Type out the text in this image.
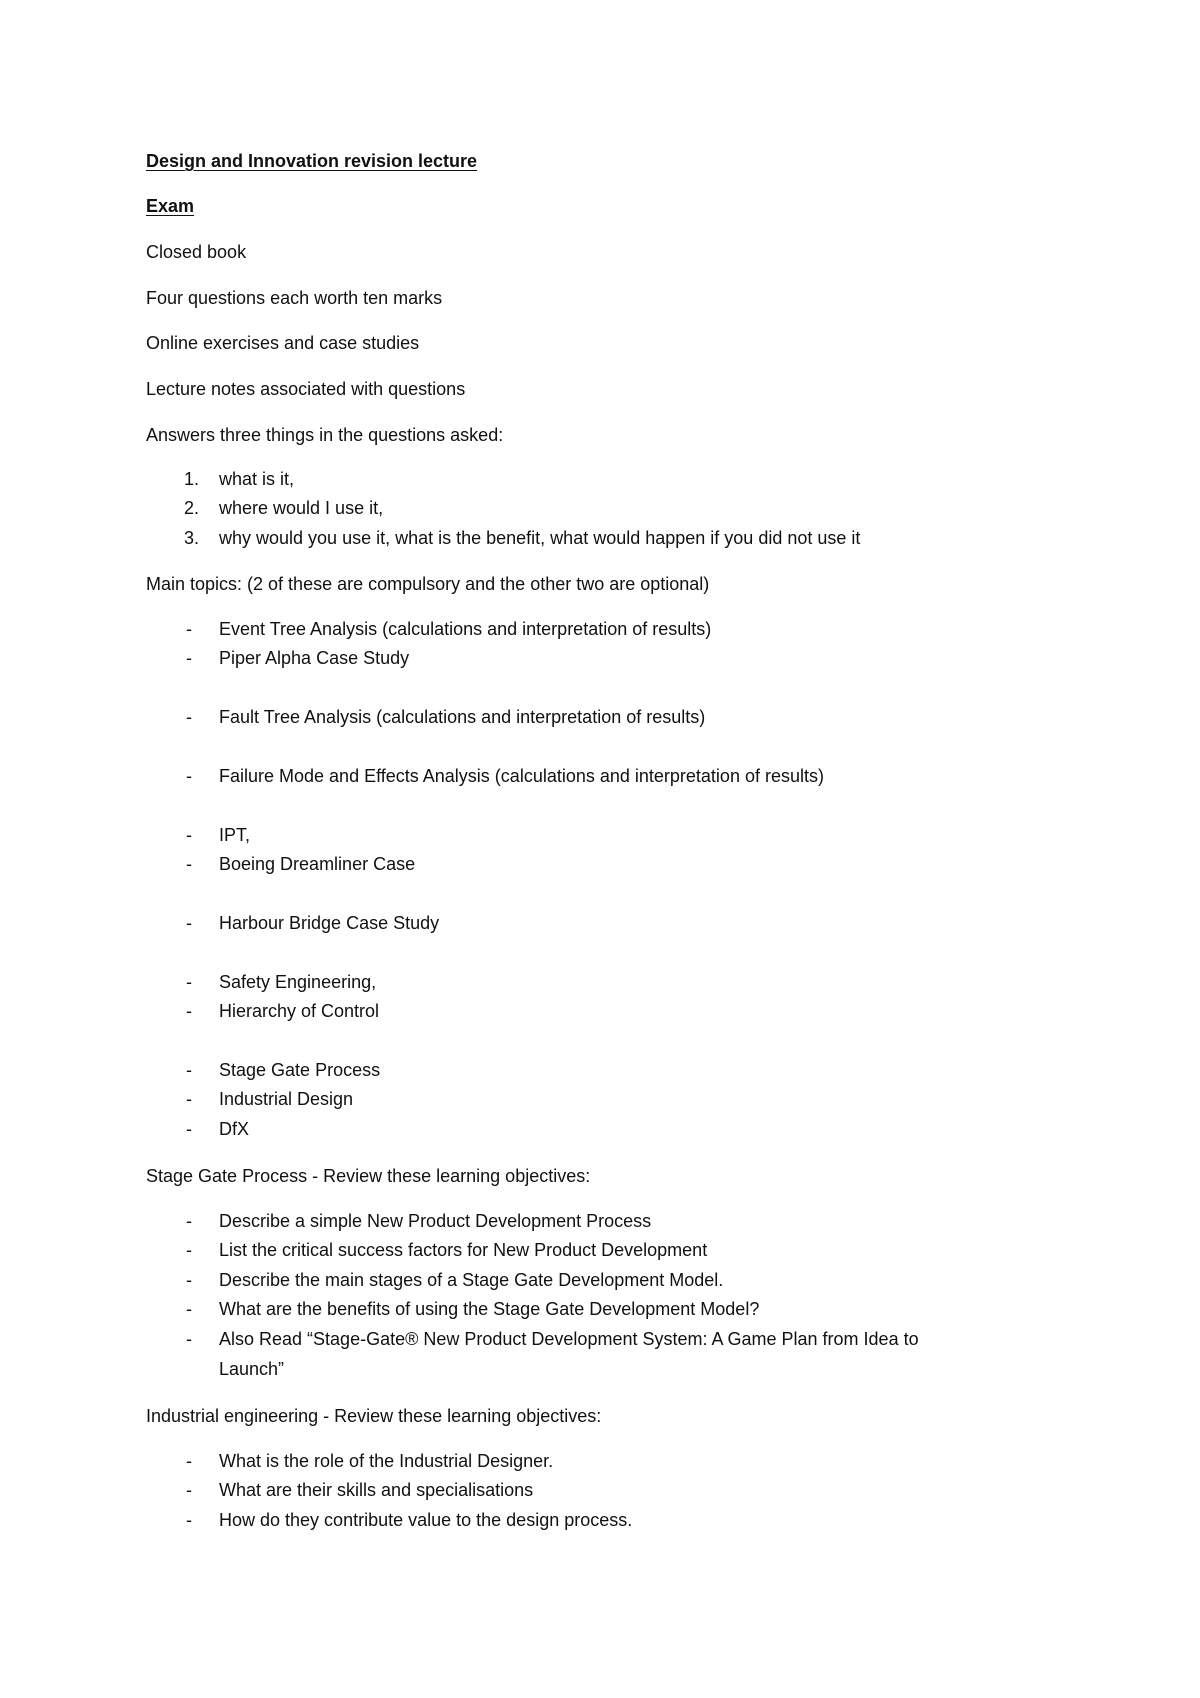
Design and Innovation revision lecture
Exam
Closed book
Four questions each worth ten marks
Online exercises and case studies
Lecture notes associated with questions
Answers three things in the questions asked:
1. what is it,
2. where would I use it,
3. why would you use it, what is the benefit, what would happen if you did not use it
Main topics: (2 of these are compulsory and the other two are optional)
- Event Tree Analysis (calculations and interpretation of results)
- Piper Alpha Case Study
- Fault Tree Analysis (calculations and interpretation of results)
- Failure Mode and Effects Analysis (calculations and interpretation of results)
- IPT,
- Boeing Dreamliner Case
- Harbour Bridge Case Study
- Safety Engineering,
- Hierarchy of Control
- Stage Gate Process
- Industrial Design
- DfX
Stage Gate Process - Review these learning objectives:
- Describe a simple New Product Development Process
- List the critical success factors for New Product Development
- Describe the main stages of a Stage Gate Development Model.
- What are the benefits of using the Stage Gate Development Model?
- Also Read “Stage-Gate® New Product Development System: A Game Plan from Idea to
Launch”
Industrial engineering - Review these learning objectives:
- What is the role of the Industrial Designer.
- What are their skills and specialisations
- How do they contribute value to the design process.
